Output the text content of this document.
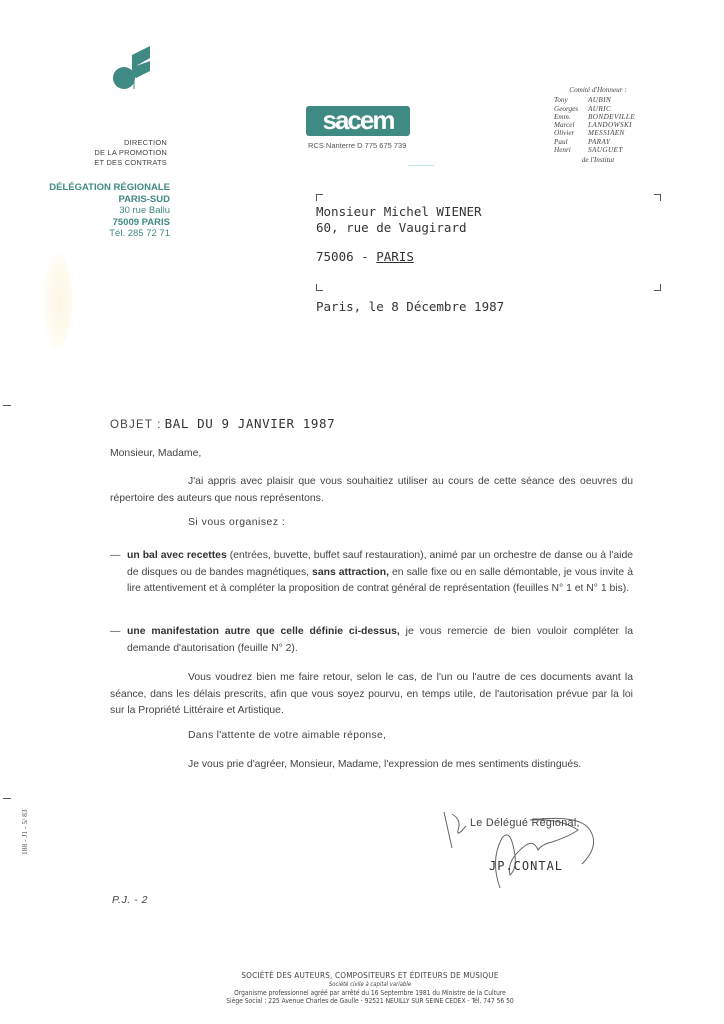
188 - J1 - 5/ 83
DIRECTION
DE LA PROMOTION
ET DES CONTRATS
DÉLÉGATION RÉGIONALE
PARIS-SUD
30 rue Ballu
75009 PARIS
Tél. 285 72 71
sacem
RCS Nanterre D 775 675 739
Comité d'Honneur :
Tony	AUBIN
Georges	AURIC
Emm.	BONDEVILLE
Marcel	LANDOWSKI
Olivier	MESSIAEN
Paul	PARAY
Henri	SAUGUET
de l'Institut
Monsieur Michel WIENER
60, rue de Vaugirard
75006 - PARIS
Paris, le 8 Décembre 1987
OBJET : BAL DU 9 JANVIER 1987
Monsieur, Madame,
J'ai appris avec plaisir que vous souhaitiez utiliser au cours de cette séance des oeuvres du répertoire des auteurs que nous représentons.
Si vous organisez :
— un bal avec recettes (entrées, buvette, buffet sauf restauration), animé par un orchestre de danse ou à l'aide de disques ou de bandes magnétiques, sans attraction, en salle fixe ou en salle démontable, je vous invite à lire attentivement et à compléter la proposition de contrat général de représentation (feuilles N° 1 et N° 1 bis).
— une manifestation autre que celle définie ci-dessus, je vous remercie de bien vouloir compléter la demande d'autorisation (feuille N° 2).
Vous voudrez bien me faire retour, selon le cas, de l'un ou l'autre de ces documents avant la séance, dans les délais prescrits, afin que vous soyez pourvu, en temps utile, de l'autorisation prévue par la loi sur la Propriété Littéraire et Artistique.
Dans l'attente de votre aimable réponse,
Je vous prie d'agréer, Monsieur, Madame, l'expression de mes sentiments distingués.
Le Délégué Régional,
JP.CONTAL
P.J. - 2
SOCIÉTÉ DES AUTEURS, COMPOSITEURS ET ÉDITEURS DE MUSIQUE
Société civile à capital variable
Organisme professionnel agréé par arrêté du 16 Septembre 1981 du Ministre de la Culture
Siège Social : 225 Avenue Charles de Gaulle - 92521 NEUILLY SUR SEINE CEDEX - Tél. 747 56 50
